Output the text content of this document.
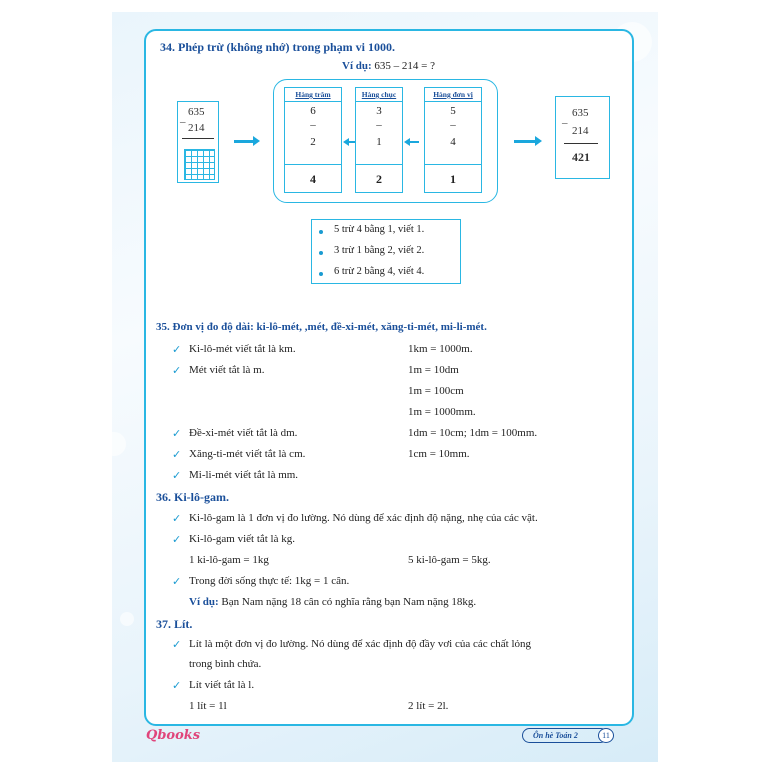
34. Phép trừ (không nhớ) trong phạm vi 1000.
Ví dụ: 635 – 214 = ?
635
– 214
Hàng trăm
6
–
2
4
Hàng chục
3
–
1
2
Hàng đơn vị
5
–
4
1
635
–
214
421
5 trừ 4 bằng 1, viết 1.
3 trừ 1 bằng 2, viết 2.
6 trừ 2 bằng 4, viết 4.
35. Đơn vị đo độ dài: ki-lô-mét, ,mét, đề-xi-mét, xăng-ti-mét, mi-li-mét.
✓ Ki-lô-mét viết tắt là km.	1km = 1000m.
✓ Mét viết tắt là m.	1m = 10dm
1m = 100cm
1m = 1000mm.
✓ Đề-xi-mét viết tắt là dm.	1dm = 10cm; 1dm = 100mm.
✓ Xăng-ti-mét viết tắt là cm.	1cm = 10mm.
✓ Mi-li-mét viết tắt là mm.
36. Ki-lô-gam.
✓ Ki-lô-gam là 1 đơn vị đo lường. Nó dùng để xác định độ nặng, nhẹ của các vật.
✓ Ki-lô-gam viết tắt là kg.
1 ki-lô-gam = 1kg	5 ki-lô-gam = 5kg.
✓ Trong đời sống thực tế: 1kg = 1 cân.
Ví dụ: Bạn Nam nặng 18 cân có nghĩa rằng bạn Nam nặng 18kg.
37. Lít.
✓ Lít là một đơn vị đo lường. Nó dùng để xác định độ đầy vơi của các chất lỏng
trong bình chứa.
✓ Lít viết tắt là l.
1 lít = 1l	2 lít = 2l.
Qbooks	Ôn hè Toán 2	11
